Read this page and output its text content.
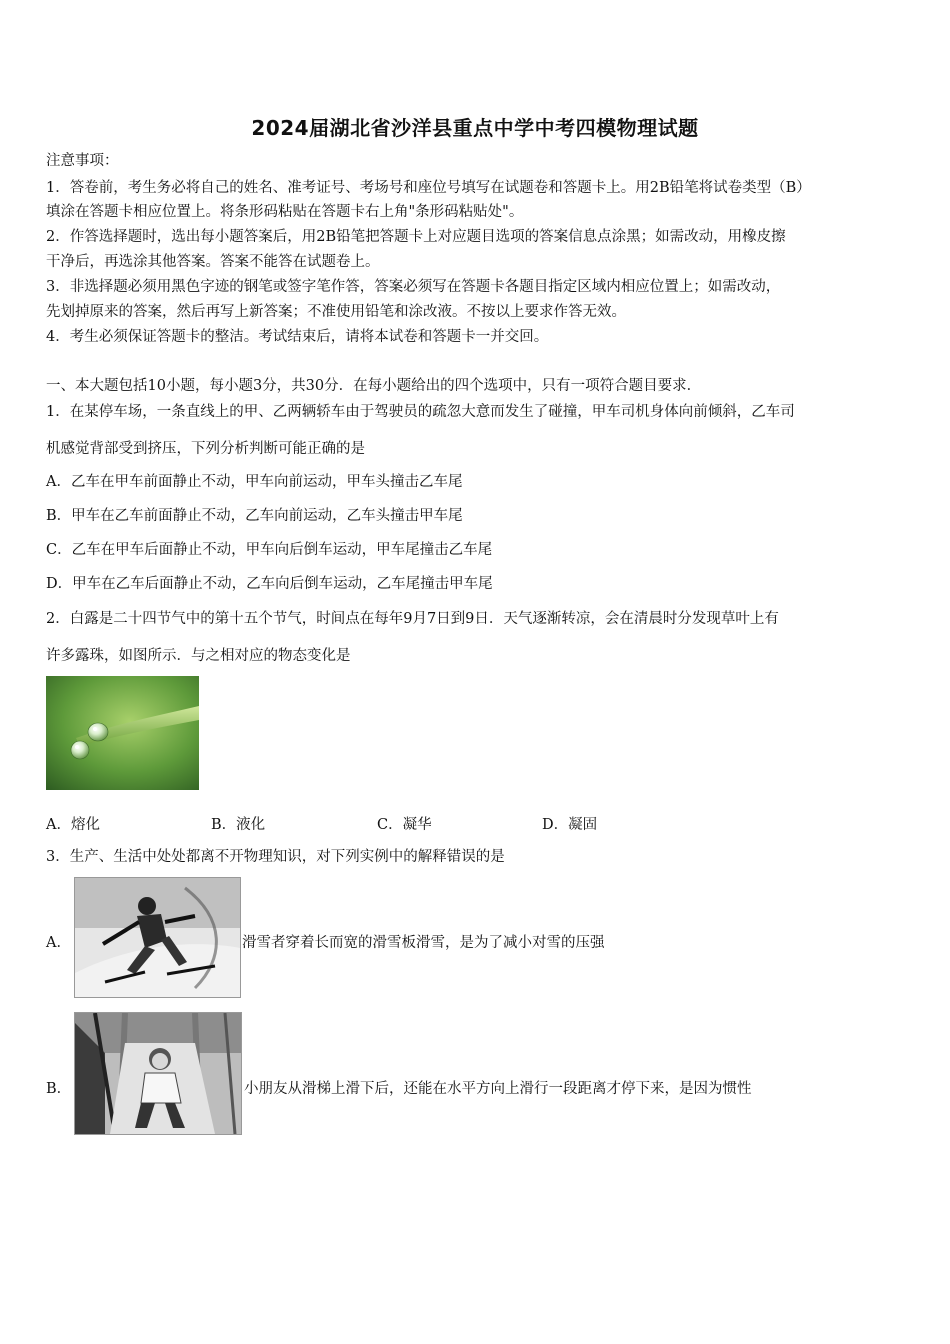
2024届湖北省沙洋县重点中学中考四模物理试题
注意事项：
1．答卷前，考生务必将自己的姓名、准考证号、考场号和座位号填写在试题卷和答题卡上。用2B铅笔将试卷类型（B）
填涂在答题卡相应位置上。将条形码粘贴在答题卡右上角"条形码粘贴处"。
2．作答选择题时，选出每小题答案后，用2B铅笔把答题卡上对应题目选项的答案信息点涂黑；如需改动，用橡皮擦
干净后，再选涂其他答案。答案不能答在试题卷上。
3．非选择题必须用黑色字迹的钢笔或签字笔作答，答案必须写在答题卡各题目指定区域内相应位置上；如需改动，
先划掉原来的答案，然后再写上新答案；不准使用铅笔和涂改液。不按以上要求作答无效。
4．考生必须保证答题卡的整洁。考试结束后，请将本试卷和答题卡一并交回。
一、本大题包括10小题，每小题3分，共30分．在每小题给出的四个选项中，只有一项符合题目要求．
1．在某停车场，一条直线上的甲、乙两辆轿车由于驾驶员的疏忽大意而发生了碰撞，甲车司机身体向前倾斜，乙车司
机感觉背部受到挤压，下列分析判断可能正确的是
A．乙车在甲车前面静止不动，甲车向前运动，甲车头撞击乙车尾
B．甲车在乙车前面静止不动，乙车向前运动，乙车头撞击甲车尾
C．乙车在甲车后面静止不动，甲车向后倒车运动，甲车尾撞击乙车尾
D．甲车在乙车后面静止不动，乙车向后倒车运动，乙车尾撞击甲车尾
2．白露是二十四节气中的第十五个节气，时间点在每年9月7日到9日．天气逐渐转凉，会在清晨时分发现草叶上有
许多露珠，如图所示．与之相对应的物态变化是
A．熔化	B．液化	C．凝华	D．凝固
3．生产、生活中处处都离不开物理知识，对下列实例中的解释错误的是
A．	滑雪者穿着长而宽的滑雪板滑雪，是为了减小对雪的压强
B．	小朋友从滑梯上滑下后，还能在水平方向上滑行一段距离才停下来，是因为惯性
